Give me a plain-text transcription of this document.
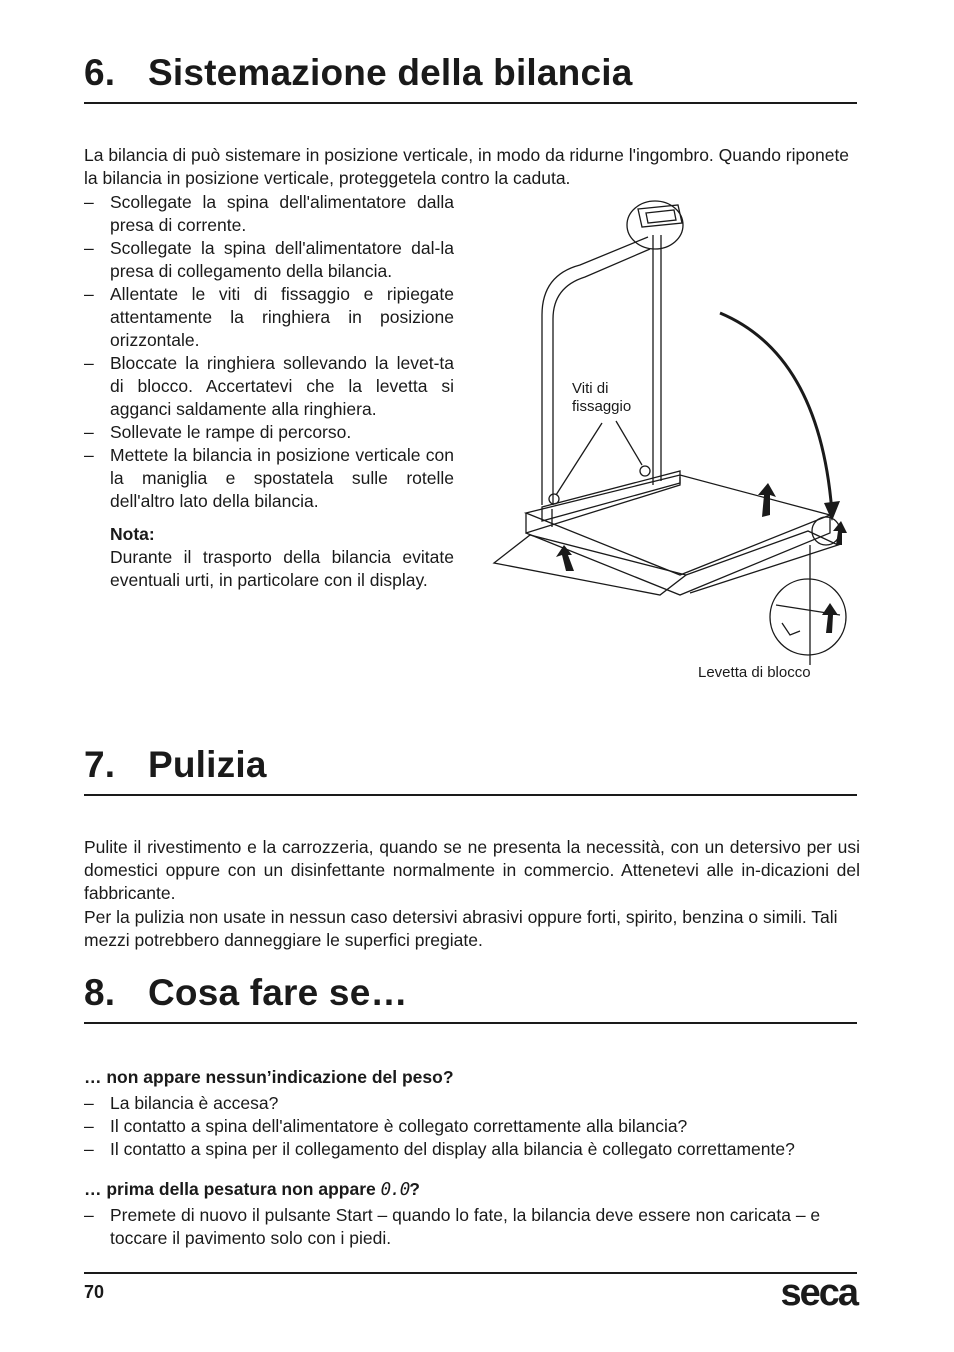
6. Sistemazione della bilancia
La bilancia di può sistemare in posizione verticale, in modo da ridurne l'ingombro. Quando riponete la bilancia in posizione verticale, proteggetela contro la caduta.
– Scollegate la spina dell'alimentatore dalla presa di corrente.
– Scollegate la spina dell'alimentatore dal-la presa di collegamento della bilancia.
– Allentate le viti di fissaggio e ripiegate attentamente la ringhiera in posizione orizzontale.
– Bloccate la ringhiera sollevando la levet-ta di blocco. Accertatevi che la levetta si agganci saldamente alla ringhiera.
– Sollevate le rampe di percorso.
– Mettete la bilancia in posizione verticale con la maniglia e spostatela sulle rotelle dell'altro lato della bilancia.
Nota:
Durante il trasporto della bilancia evitate eventuali urti, in particolare con il display.
Viti di
fissaggio
Levetta di blocco
7. Pulizia
Pulite il rivestimento e la carrozzeria, quando se ne presenta la necessità, con un detersivo per usi domestici oppure con un disinfettante normalmente in commercio. Attenetevi alle in-dicazioni del fabbricante.
Per la pulizia non usate in nessun caso detersivi abrasivi oppure forti, spirito, benzina o simili. Tali mezzi potrebbero danneggiare le superfici pregiate.
8. Cosa fare se…
… non appare nessun’indicazione del peso?
– La bilancia è accesa?
– Il contatto a spina dell'alimentatore è collegato correttamente alla bilancia?
– Il contatto a spina per il collegamento del display alla bilancia è collegato correttamente?
… prima della pesatura non appare 0.0?
– Premete di nuovo il pulsante Start – quando lo fate, la bilancia deve essere non caricata – e toccare il pavimento solo con i piedi.
70	seca
